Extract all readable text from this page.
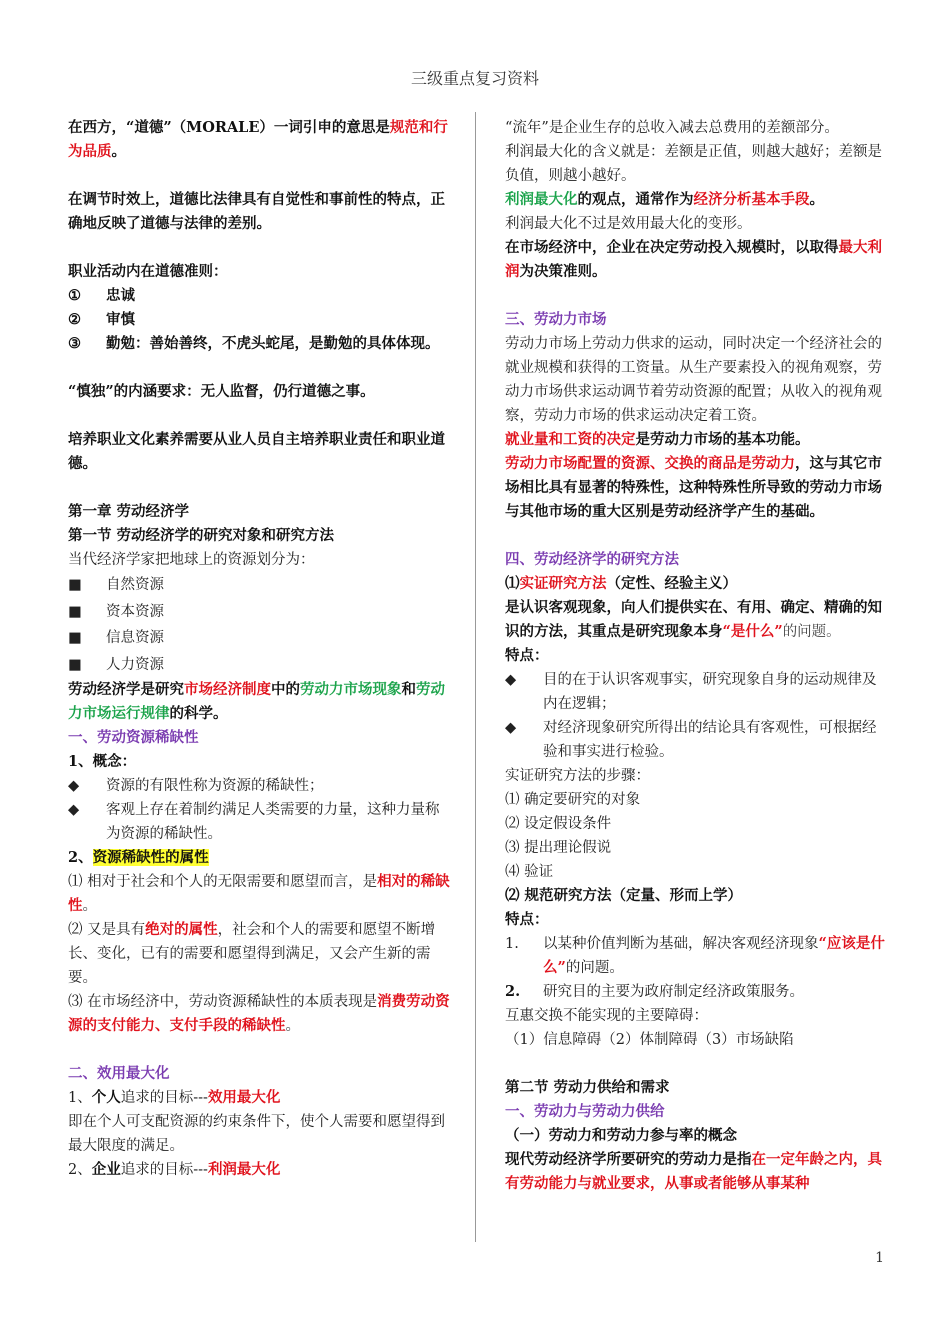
三级重点复习资料

在西方，“道德”（MORALE）一词引申的意思是规范和行为品质。

在调节时效上，道德比法律具有自觉性和事前性的特点，正确地反映了道德与法律的差别。

职业活动内在道德准则：

① 忠诚
② 审慎
③ 勤勉：善始善终，不虎头蛇尾，是勤勉的具体体现。

“慎独”的内涵要求：无人监督，仍行道德之事。

培养职业文化素养需要从业人员自主培养职业责任和职业道德。

第一章 劳动经济学

第一节 劳动经济学的研究对象和研究方法

当代经济学家把地球上的资源划分为：

■ 自然资源
■ 资本资源
■ 信息资源
■ 人力资源

劳动经济学是研究市场经济制度中的劳动力市场现象和劳动力市场运行规律的科学。

一、劳动资源稀缺性

1、概念：

◆ 资源的有限性称为资源的稀缺性；
◆ 客观上存在着制约满足人类需要的力量，这种力量称为资源的稀缺性。

2、资源稀缺性的属性

⑴ 相对于社会和个人的无限需要和愿望而言，是相对的稀缺性。

⑵ 又是具有绝对的属性，社会和个人的需要和愿望不断增长、变化，已有的需要和愿望得到满足，又会产生新的需要。

⑶ 在市场经济中，劳动资源稀缺性的本质表现是消费劳动资源的支付能力、支付手段的稀缺性。

二、效用最大化

1、个人追求的目标---效用最大化

即在个人可支配资源的约束条件下，使个人需要和愿望得到最大限度的满足。

2、企业追求的目标---利润最大化

“流年”是企业生存的总收入减去总费用的差额部分。

利润最大化的含义就是：差额是正值，则越大越好；差额是负值，则越小越好。

利润最大化的观点，通常作为经济分析基本手段。

利润最大化不过是效用最大化的变形。

在市场经济中，企业在决定劳动投入规模时，以取得最大利润为决策准则。

三、劳动力市场

劳动力市场上劳动力供求的运动，同时决定一个经济社会的就业规模和获得的工资量。从生产要素投入的视角观察，劳动力市场供求运动调节着劳动资源的配置；从收入的视角观察，劳动力市场的供求运动决定着工资。

就业量和工资的决定是劳动力市场的基本功能。

劳动力市场配置的资源、交换的商品是劳动力，这与其它市场相比具有显著的特殊性，这种特殊性所导致的劳动力市场与其他市场的重大区别是劳动经济学产生的基础。

四、劳动经济学的研究方法

⑴实证研究方法（定性、经验主义）

是认识客观现象，向人们提供实在、有用、确定、精确的知识的方法，其重点是研究现象本身“是什么”的问题。

特点：

◆ 目的在于认识客观事实，研究现象自身的运动规律及内在逻辑；
◆ 对经济现象研究所得出的结论具有客观性，可根据经验和事实进行检验。

实证研究方法的步骤：

⑴ 确定要研究的对象

⑵ 设定假设条件

⑶ 提出理论假说

⑷ 验证

⑵ 规范研究方法（定量、形而上学）

特点：

1. 以某种价值判断为基础，解决客观经济现象“应该是什么”的问题。
2. 研究目的主要为政府制定经济政策服务。

互惠交换不能实现的主要障碍：

（1）信息障碍（2）体制障碍（3）市场缺陷

第二节 劳动力供给和需求

一、劳动力与劳动力供给

（一）劳动力和劳动力参与率的概念

现代劳动经济学所要研究的劳动力是指在一定年龄之内，具有劳动能力与就业要求，从事或者能够从事某种

1
